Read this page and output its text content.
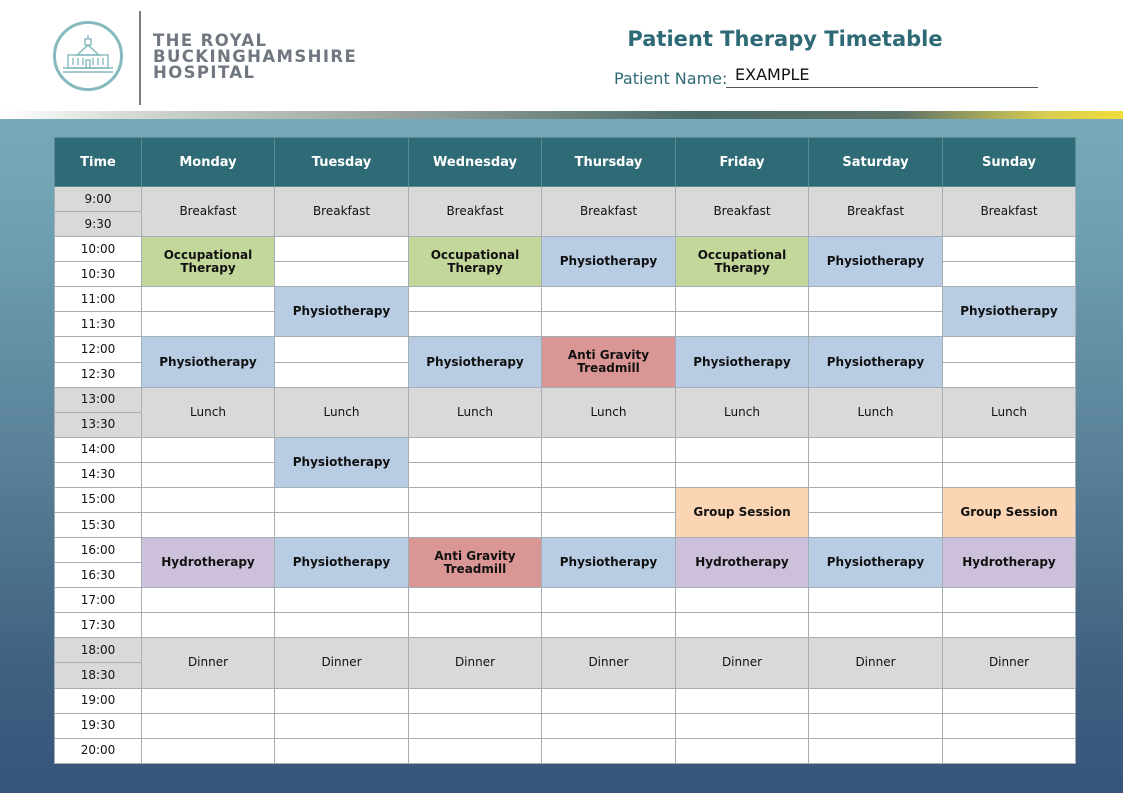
THE ROYAL
BUCKINGHAMSHIRE
HOSPITAL
Patient Therapy Timetable
Patient Name: EXAMPLE
Time	Monday	Tuesday	Wednesday	Thursday	Friday	Saturday	Sunday
9:00	Breakfast	Breakfast	Breakfast	Breakfast	Breakfast	Breakfast	Breakfast
9:30							
10:00	Occupational Therapy		Occupational Therapy	Physiotherapy	Occupational Therapy	Physiotherapy	
10:30							
11:00		Physiotherapy					Physiotherapy
11:30							
12:00	Physiotherapy		Physiotherapy	Anti Gravity Treadmill	Physiotherapy	Physiotherapy	
12:30							
13:00	Lunch	Lunch	Lunch	Lunch	Lunch	Lunch	Lunch
13:30							
14:00		Physiotherapy					
14:30							
15:00					Group Session		Group Session
15:30							
16:00	Hydrotherapy	Physiotherapy	Anti Gravity Treadmill	Physiotherapy	Hydrotherapy	Physiotherapy	Hydrotherapy
16:30							
17:00							
17:30							
18:00	Dinner	Dinner	Dinner	Dinner	Dinner	Dinner	Dinner
18:30							
19:00							
19:30							
20:00							
